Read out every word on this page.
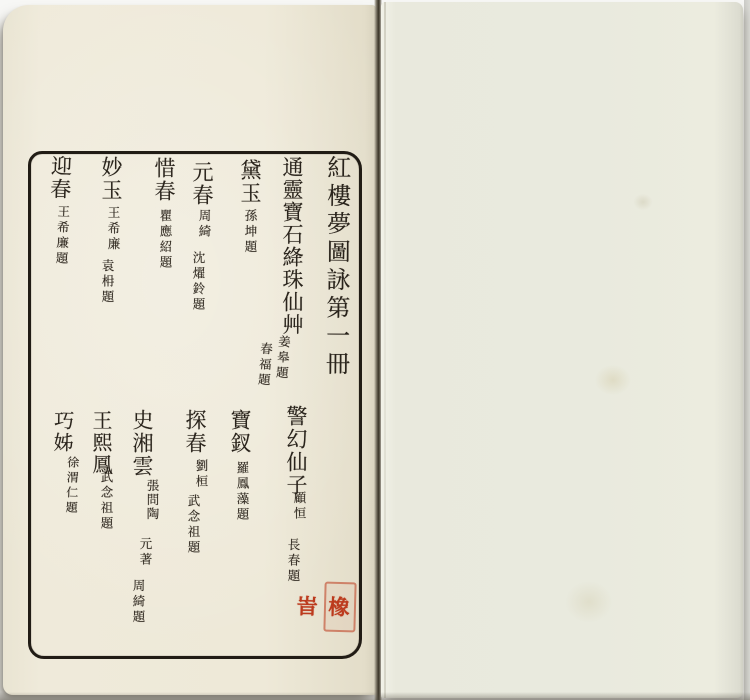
紅樓夢圖詠第一冊
通靈寶石絳珠仙艸
姜皋題
春福題
黛玉
孫坤題
元春
周綺
沈燿鈴題
惜春
瞿應紹題
妙玉
王希廉
袁枏題
迎春
王希廉題
警幻仙子
顧恒
長春題
寶釵
羅鳳藻題
探春
劉桓
武念祖題
史湘雲
張問陶
元著
周綺題
王熙鳳
武念祖題
巧姊
徐渭仁題
橡峕
